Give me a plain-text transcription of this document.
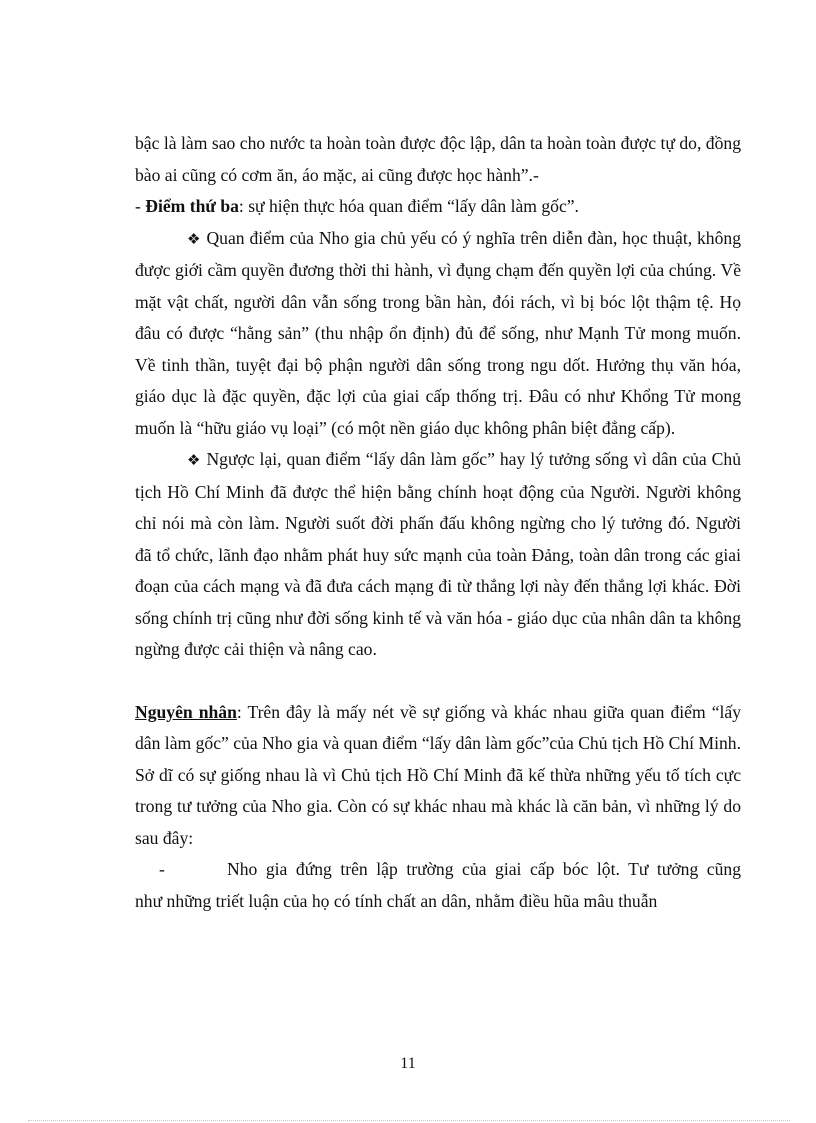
bậc là làm sao cho nước ta hoàn toàn được độc lập, dân ta hoàn toàn được tự do, đồng bào ai cũng có cơm ăn, áo mặc, ai cũng được học hành”.-

- Điểm thứ ba: sự hiện thực hóa quan điểm “lấy dân làm gốc”.

❖ Quan điểm của Nho gia chủ yếu có ý nghĩa trên diễn đàn, học thuật, không được giới cầm quyền đương thời thi hành, vì đụng chạm đến quyền lợi của chúng. Về mặt vật chất, người dân vẫn sống trong bần hàn, đói rách, vì bị bóc lột thậm tệ. Họ đâu có được “hằng sản” (thu nhập ổn định) đủ để sống, như Mạnh Tử mong muốn. Về tinh thần, tuyệt đại bộ phận người dân sống trong ngu dốt. Hưởng thụ văn hóa, giáo dục là đặc quyền, đặc lợi của giai cấp thống trị. Đâu có như Khổng Tử mong muốn là “hữu giáo vụ loại” (có một nền giáo dục không phân biệt đẳng cấp).

❖ Ngược lại, quan điểm “lấy dân làm gốc” hay lý tưởng sống vì dân của Chủ tịch Hồ Chí Minh đã được thể hiện bằng chính hoạt động của Người. Người không chỉ nói mà còn làm. Người suốt đời phấn đấu không ngừng cho lý tưởng đó. Người đã tổ chức, lãnh đạo nhằm phát huy sức mạnh của toàn Đảng, toàn dân trong các giai đoạn của cách mạng và đã đưa cách mạng đi từ thắng lợi này đến thắng lợi khác. Đời sống chính trị cũng như đời sống kinh tế và văn hóa - giáo dục của nhân dân ta không ngừng được cải thiện và nâng cao.

Nguyên nhân: Trên đây là mấy nét về sự giống và khác nhau giữa quan điểm “lấy dân làm gốc” của Nho gia và quan điểm “lấy dân làm gốc”của Chủ tịch Hồ Chí Minh. Sở dĩ có sự giống nhau là vì Chủ tịch Hồ Chí Minh đã kế thừa những yếu tố tích cực trong tư tưởng của Nho gia. Còn có sự khác nhau mà khác là căn bản, vì những lý do sau đây:

-	Nho gia đứng trên lập trường của giai cấp bóc lột. Tư tưởng cũng

như những triết luận của họ có tính chất an dân, nhằm điều hũa mâu thuẫn

11
